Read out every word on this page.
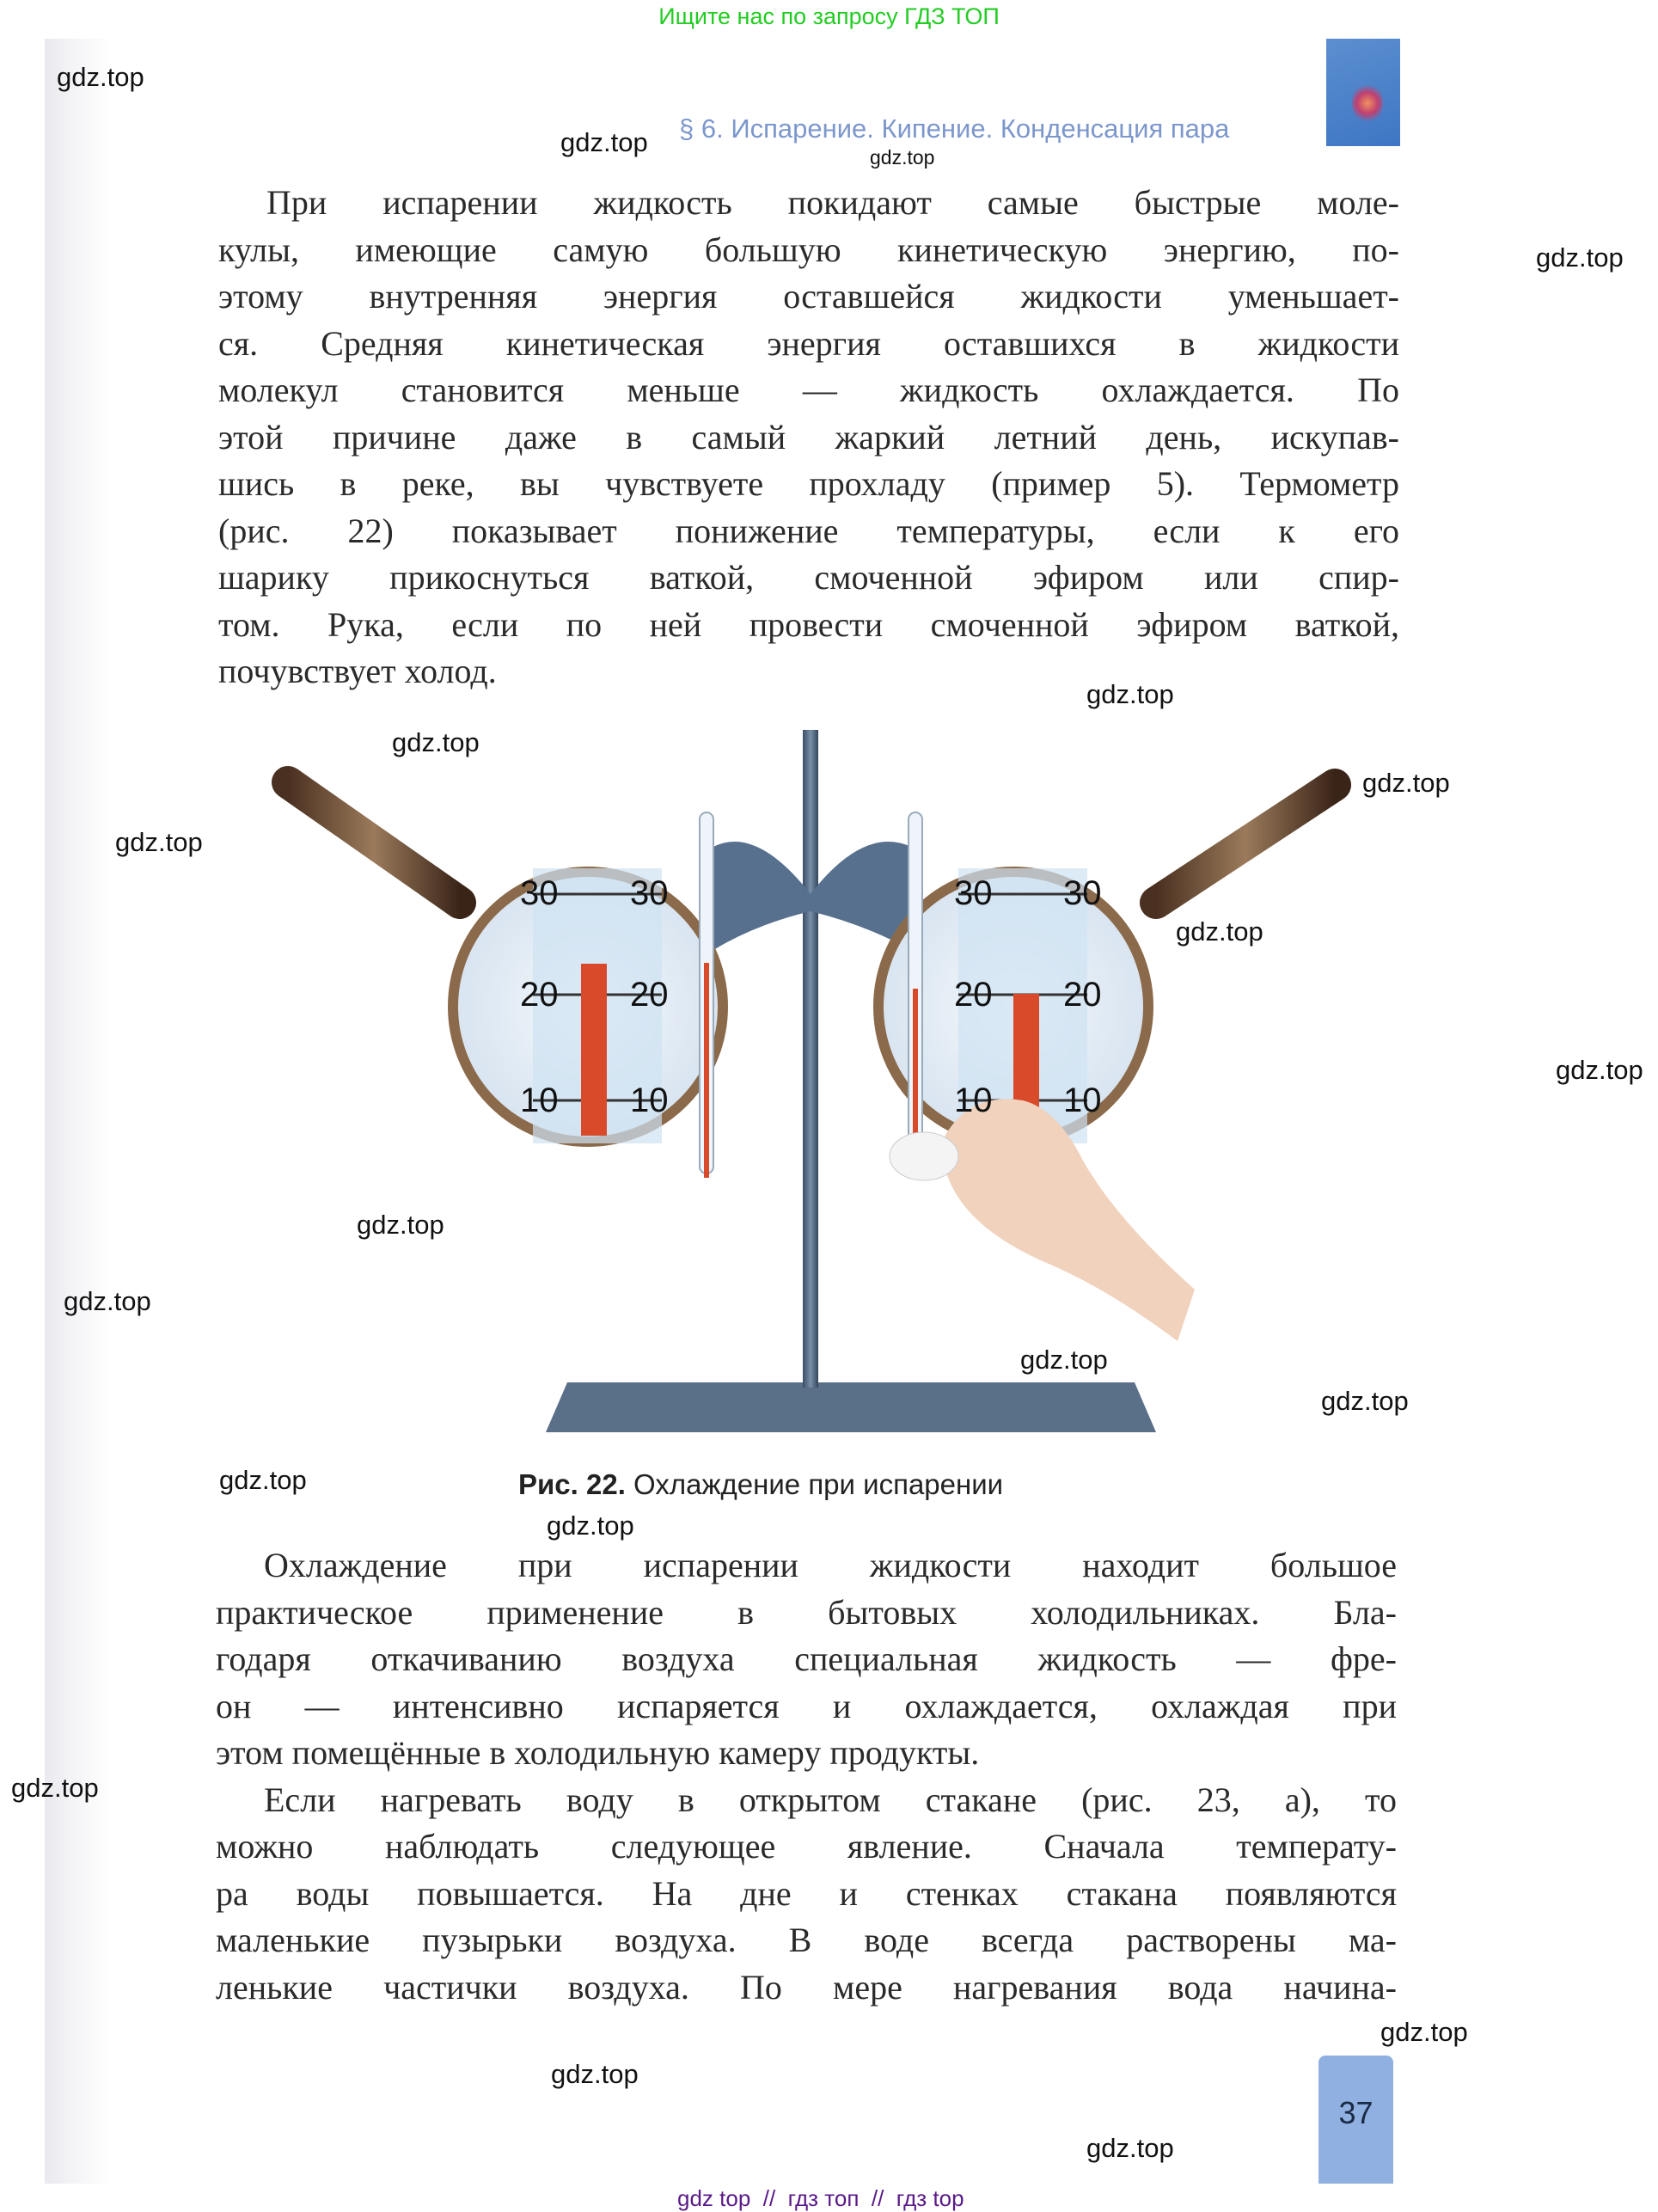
Ищите нас по запросу ГДЗ ТОП
§ 6. Испарение. Кипение. Конденсация пара
При испарении жидкость покидают самые быстрые моле-
кулы, имеющие самую большую кинетическую энергию, по-
этому внутренняя энергия оставшейся жидкости уменьшает-
ся. Средняя кинетическая энергия оставшихся в жидкости
молекул становится меньше — жидкость охлаждается. По
этой причине даже в самый жаркий летний день, искупав-
шись в реке, вы чувствуете прохладу (пример 5). Термометр
(рис. 22) показывает понижение температуры, если к его
шарику прикоснуться ваткой, смоченной эфиром или спир-
том. Рука, если по ней провести смоченной эфиром ваткой,
почувствует холод.
30 30
20 20
10 10
30 30
20 20
10 10
Рис. 22. Охлаждение при испарении
Охлаждение при испарении жидкости находит большое
практическое применение в бытовых холодильниках. Бла-
годаря откачиванию воздуха специальная жидкость — фре-
он — интенсивно испаряется и охлаждается, охлаждая при
этом помещённые в холодильную камеру продукты.
Если нагревать воду в открытом стакане (рис. 23, а), то
можно наблюдать следующее явление. Сначала температу-
ра воды повышается. На дне и стенках стакана появляются
маленькие пузырьки воздуха. В воде всегда растворены ма-
ленькие частички воздуха. По мере нагревания вода начина-
37
gdz.top
gdz.top	gdz.top
gdz.top
gdz.top
gdz.top
gdz.top
gdz.top
gdz.top
gdz.top
gdz.top
gdz.top
gdz.top
gdz.top
gdz.top
gdz.top
gdz.top
gdz.top
gdz.top
gdz.top
gdz top  //  гдз топ  //  гдз top
